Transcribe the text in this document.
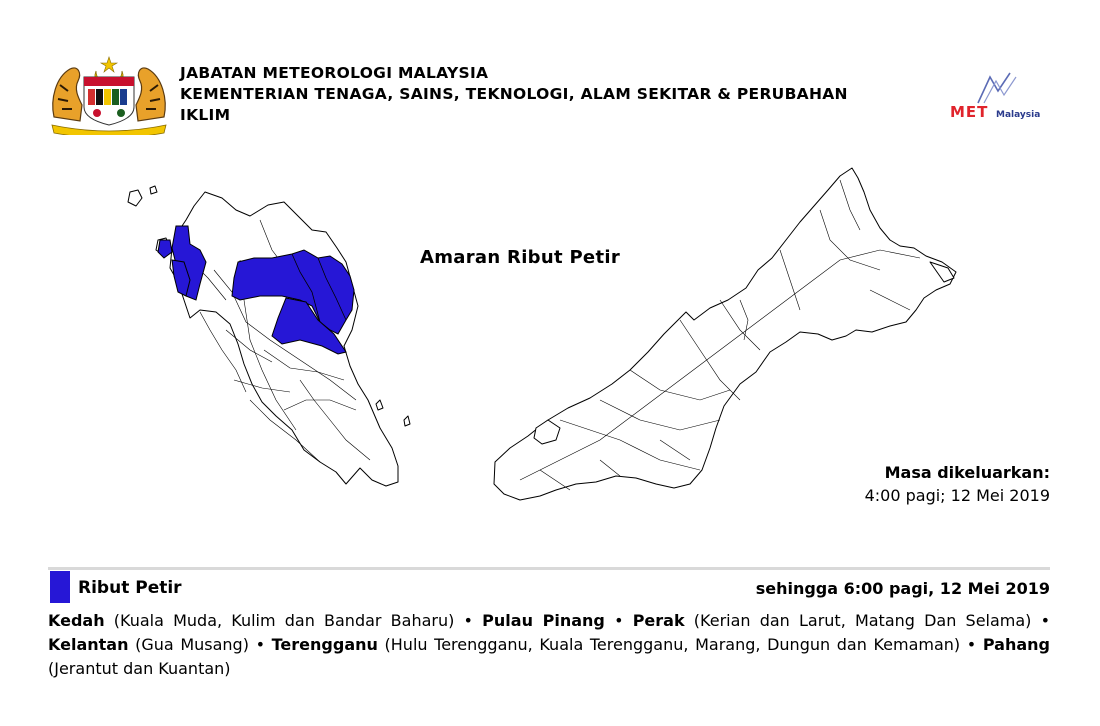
JABATAN METEOROLOGI MALAYSIA
KEMENTERIAN TENAGA, SAINS, TEKNOLOGI, ALAM SEKITAR & PERUBAHAN
IKLIM	MET Malaysia
Amaran Ribut Petir
Masa dikeluarkan:
4:00 pagi; 12 Mei 2019
Ribut Petir	sehingga 6:00 pagi, 12 Mei 2019
Kedah (Kuala Muda, Kulim dan Bandar Baharu) • Pulau Pinang • Perak (Kerian dan Larut, Matang Dan Selama) • Kelantan (Gua Musang) • Terengganu (Hulu Terengganu, Kuala Terengganu, Marang, Dungun dan Kemaman) • Pahang (Jerantut dan Kuantan)
